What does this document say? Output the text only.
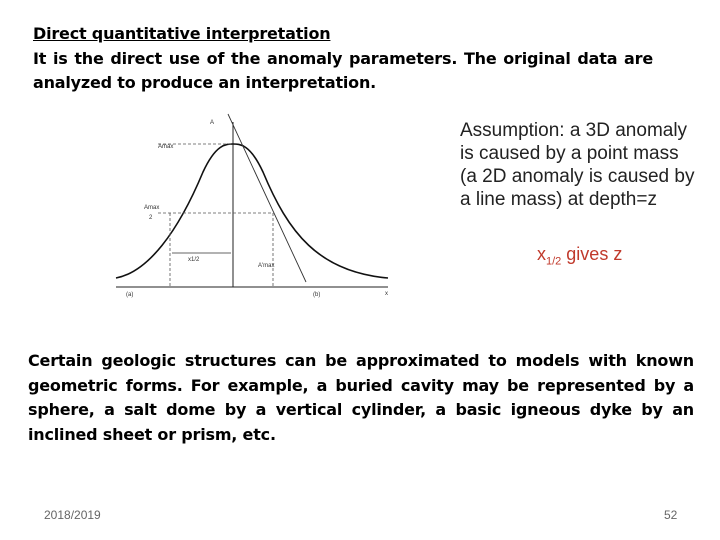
Direct quantitative interpretation
It is the direct use of the anomaly parameters. The original data are analyzed to produce an interpretation.
A
x
Amax
Amax
2
x1/2
A'max
(a)	(b)
Assumption: a 3D anomaly is caused by a point mass (a 2D anomaly is caused by a line mass) at depth=z
$x_{1/2}$ gives z
Certain geologic structures can be approximated to models with known geometric forms. For example, a buried cavity may be represented by a sphere, a salt dome by a vertical cylinder, a basic igneous dyke by an inclined sheet or prism, etc.
2018/2019	52
